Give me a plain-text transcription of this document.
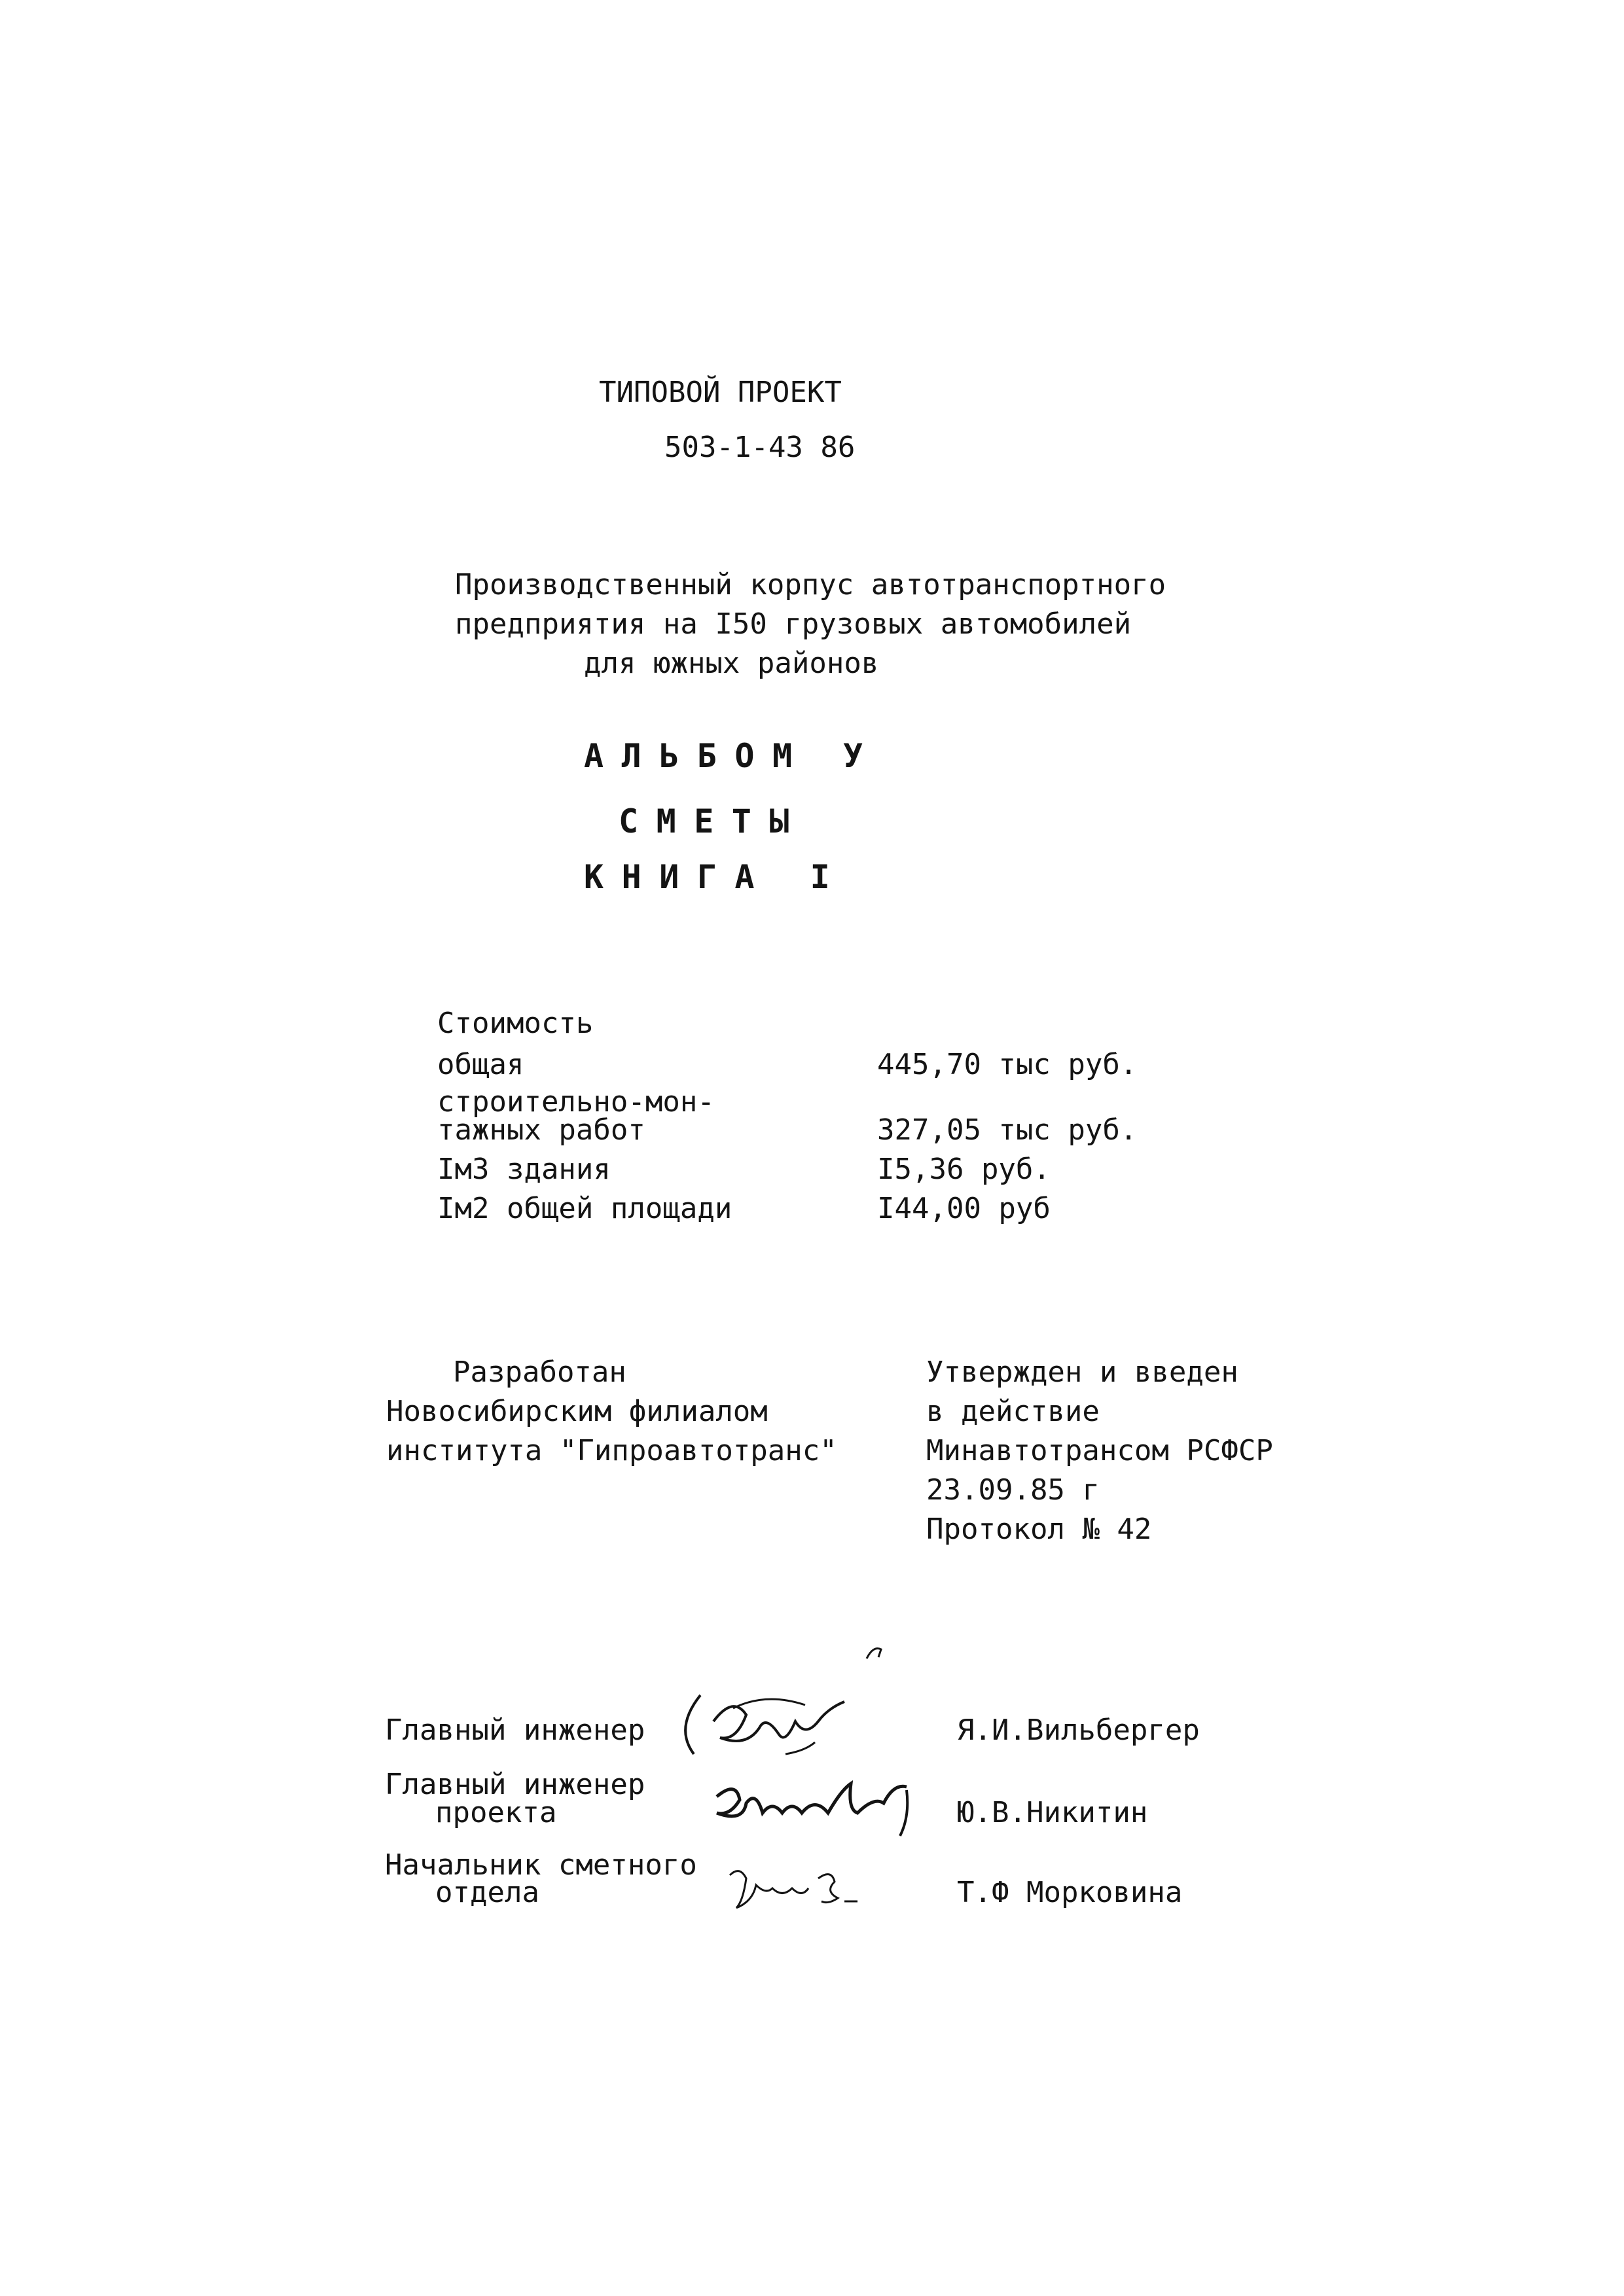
ТИПОВОЙ ПРОЕКТ
503-1-43 86
Производственный корпус автотранспортного
предприятия на I50 грузовых автомобилей
для южных районов
АЛЬБОМ У
СМЕТЫ
КНИГА I
Стоимость
общая	445,70 тыс руб.
строительно-мон-
тажных работ	327,05 тыс руб.
Iм3 здания	I5,36 руб.
Iм2 общей площади	I44,00 руб
Разработан
Новосибирским филиалом
института "Гипроавтотранс"
Утвержден и введен
в действие
Минавтотрансом РСФСР
23.09.85 г
Протокол № 42
Главный инженер	Я.И.Вильбергер
Главный инженер
проекта	Ю.В.Никитин
Начальник сметного
отдела	Т.Ф Морковина
